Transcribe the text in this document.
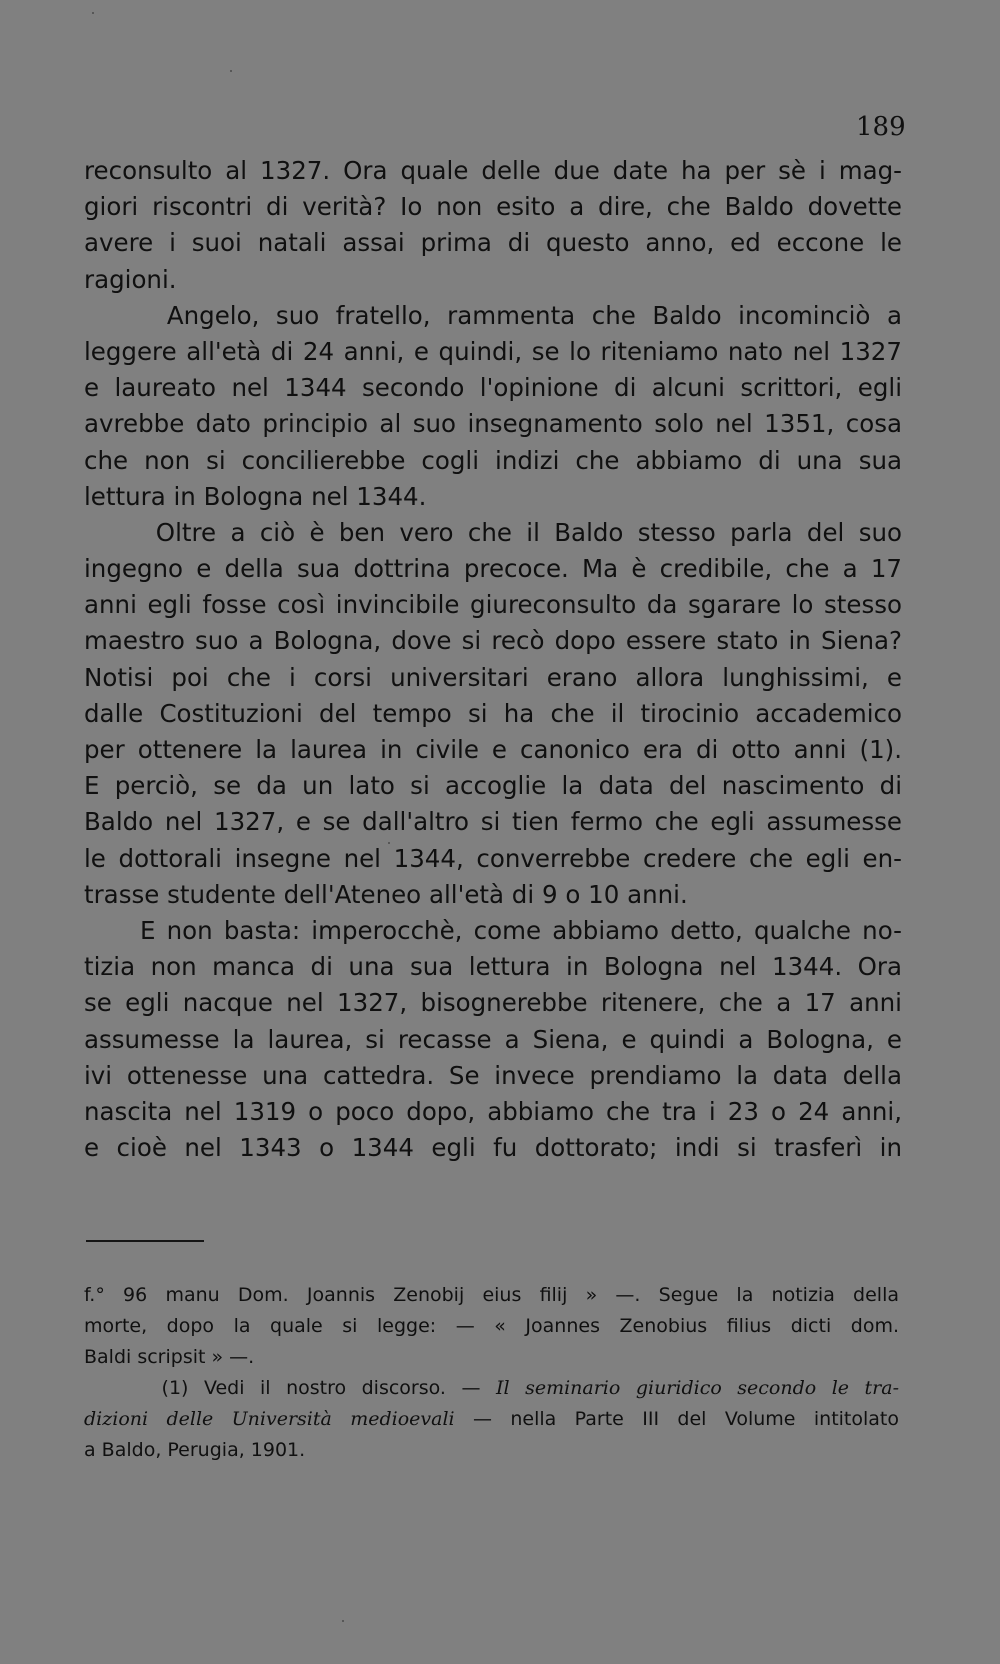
189
reconsulto al 1327. Ora quale delle due date ha per sè i mag-
giori riscontri di verità? Io non esito a dire, che Baldo dovette
avere i suoi natali assai prima di questo anno, ed eccone le
ragioni.
Angelo, suo fratello, rammenta che Baldo incominciò a
leggere all'età di 24 anni, e quindi, se lo riteniamo nato nel 1327
e laureato nel 1344 secondo l'opinione di alcuni scrittori, egli
avrebbe dato principio al suo insegnamento solo nel 1351, cosa
che non si concilierebbe cogli indizi che abbiamo di una sua
lettura in Bologna nel 1344.
Oltre a ciò è ben vero che il Baldo stesso parla del suo
ingegno e della sua dottrina precoce. Ma è credibile, che a 17
anni egli fosse così invincibile giureconsulto da sgarare lo stesso
maestro suo a Bologna, dove si recò dopo essere stato in Siena?
Notisi poi che i corsi universitari erano allora lunghissimi, e
dalle Costituzioni del tempo si ha che il tirocinio accademico
per ottenere la laurea in civile e canonico era di otto anni (1).
E perciò, se da un lato si accoglie la data del nascimento di
Baldo nel 1327, e se dall'altro si tien fermo che egli assumesse
le dottorali insegne nel 1344, converrebbe credere che egli en-
trasse studente dell'Ateneo all'età di 9 o 10 anni.
E non basta: imperocchè, come abbiamo detto, qualche no-
tizia non manca di una sua lettura in Bologna nel 1344. Ora
se egli nacque nel 1327, bisognerebbe ritenere, che a 17 anni
assumesse la laurea, si recasse a Siena, e quindi a Bologna, e
ivi ottenesse una cattedra. Se invece prendiamo la data della
nascita nel 1319 o poco dopo, abbiamo che tra i 23 o 24 anni,
e cioè nel 1343 o 1344 egli fu dottorato; indi si trasferì in
f.° 96 manu Dom. Joannis Zenobij eius filij » —. Segue la notizia della
morte, dopo la quale si legge: — « Joannes Zenobius filius dicti dom.
Baldi scripsit » —.
(1) Vedi il nostro discorso. — Il seminario giuridico secondo le tra-
dizioni delle Università medioevali — nella Parte III del Volume intitolato
a Baldo, Perugia, 1901.
